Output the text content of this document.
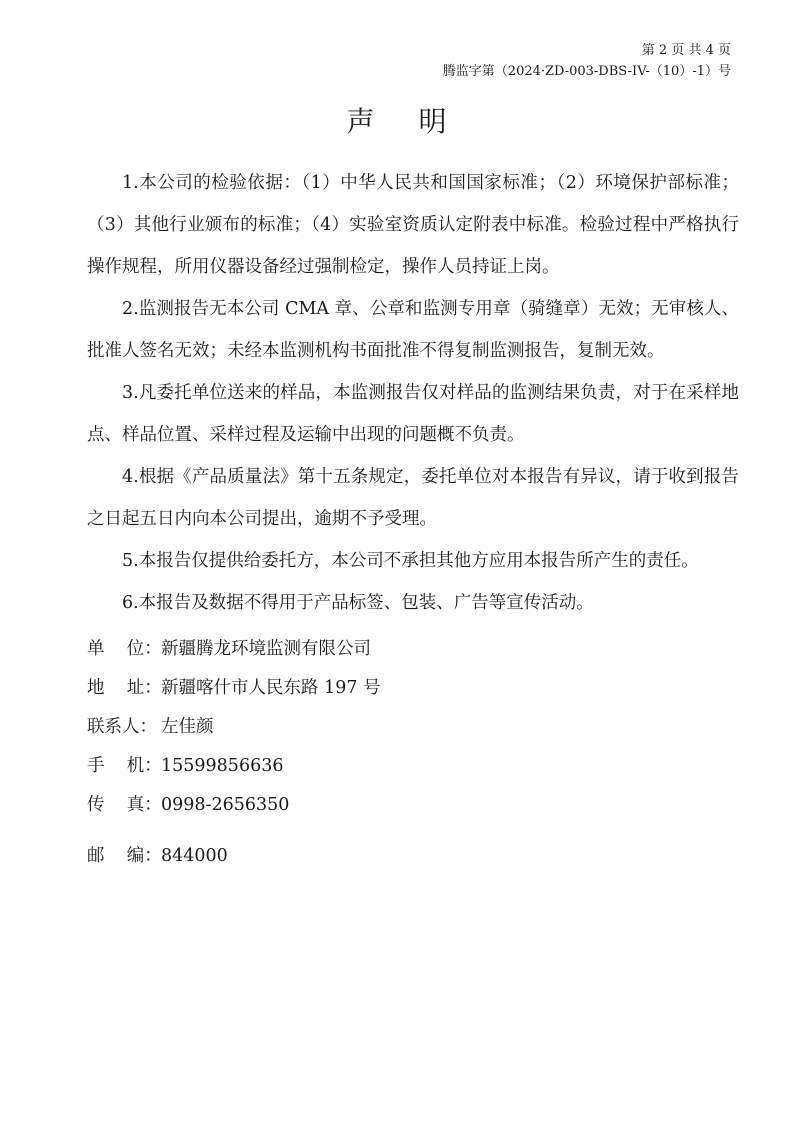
第 2 页 共 4 页
腾监字第（2024·ZD-003-DBS-IV-（10）-1）号
声明

1.本公司的检验依据：（1）中华人民共和国国家标准；（2）环境保护部标准；（3）其他行业颁布的标准；（4）实验室资质认定附表中标准。检验过程中严格执行操作规程，所用仪器设备经过强制检定，操作人员持证上岗。

2.监测报告无本公司 CMA 章、公章和监测专用章（骑缝章）无效；无审核人、批准人签名无效；未经本监测机构书面批准不得复制监测报告，复制无效。

3.凡委托单位送来的样品，本监测报告仅对样品的监测结果负责，对于在采样地点、样品位置、采样过程及运输中出现的问题概不负责。

4.根据《产品质量法》第十五条规定，委托单位对本报告有异议，请于收到报告之日起五日内向本公司提出，逾期不予受理。

5.本报告仅提供给委托方，本公司不承担其他方应用本报告所产生的责任。

6.本报告及数据不得用于产品标签、包装、广告等宣传活动。

单    位： 新疆腾龙环境监测有限公司
地    址： 新疆喀什市人民东路 197 号
联系人： 左佳颜
手    机： 15599856636
传    真： 0998-2656350
邮    编： 844000
